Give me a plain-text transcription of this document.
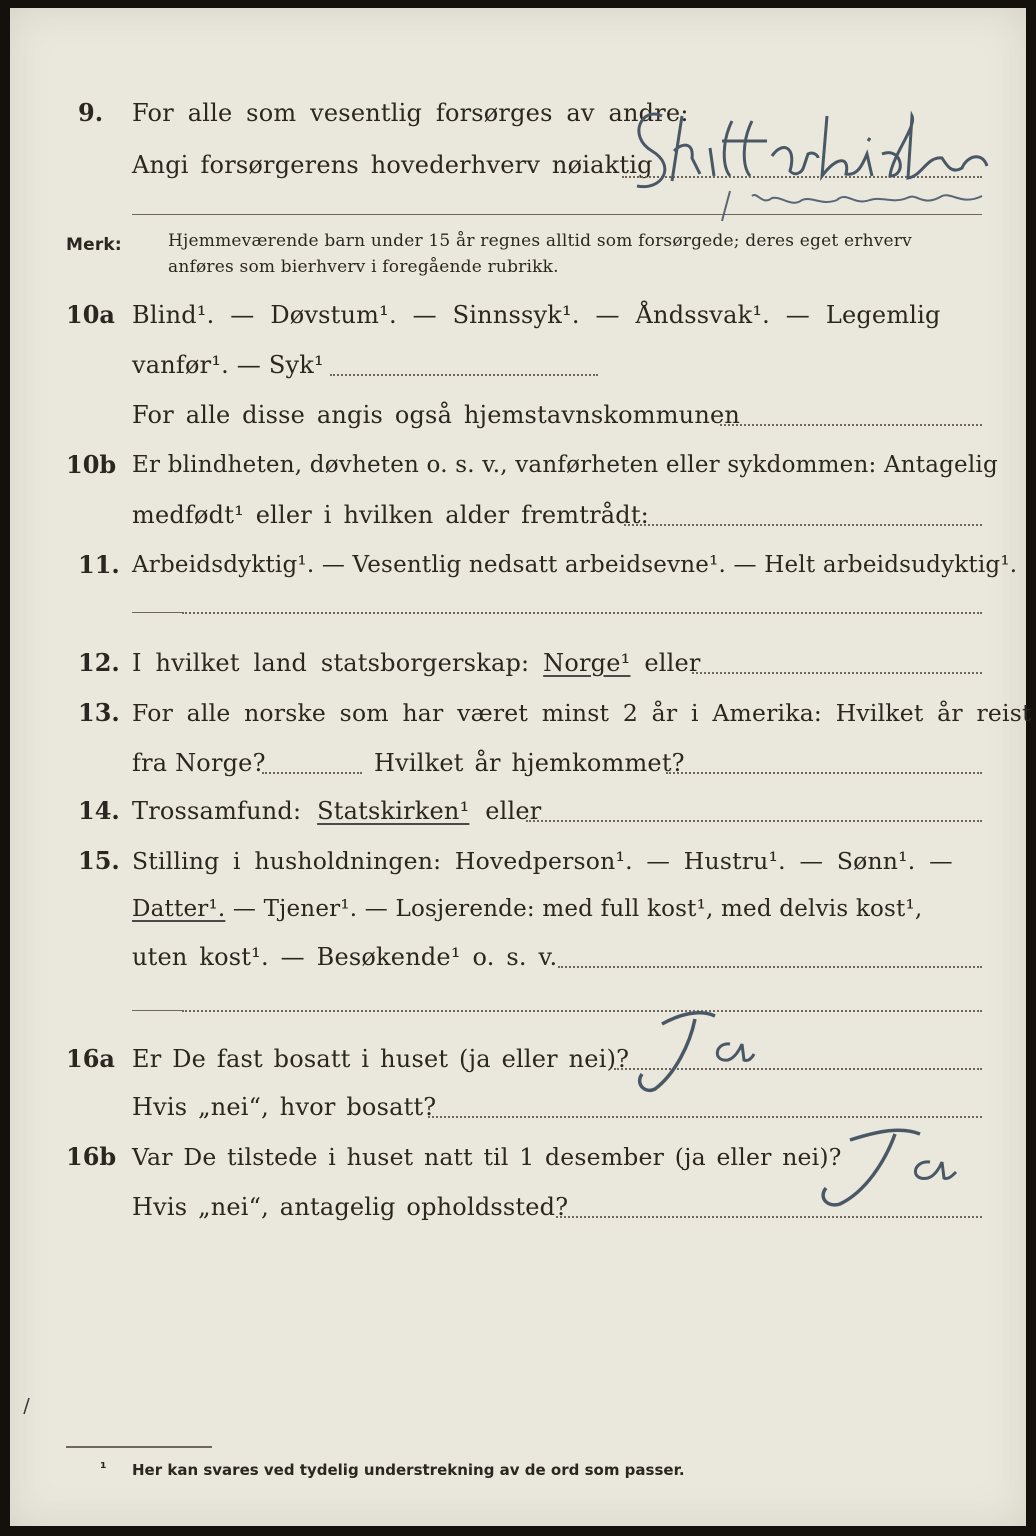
9. For alle som vesentlig forsørges av andre:
Angi forsørgerens hovederhverv nøiaktig
Merk:	Hjemmeværende barn under 15 år regnes alltid som forsørgede; deres eget erhverv
anføres som bierhverv i foregående rubrikk.
10a Blind¹. — Døvstum¹. — Sinnssyk¹. — Åndssvak¹. — Legemlig
vanfør¹. — Syk¹
For alle disse angis også hjemstavnskommunen
10b Er blindheten, døvheten o. s. v., vanførheten eller sykdommen: Antagelig
medfødt¹ eller i hvilken alder fremtrådt:
11. Arbeidsdyktig¹. — Vesentlig nedsatt arbeidsevne¹. — Helt arbeidsudyktig¹.
12. I hvilket land statsborgerskap: Norge¹ eller
13. For alle norske som har været minst 2 år i Amerika: Hvilket år reist
fra Norge?	Hvilket år hjemkommet?
14. Trossamfund: Statskirken¹ eller
15. Stilling i husholdningen: Hovedperson¹. — Hustru¹. — Sønn¹. —
Datter¹. — Tjener¹. — Losjerende: med full kost¹, med delvis kost¹,
uten kost¹. — Besøkende¹ o. s. v.
16a Er De fast bosatt i huset (ja eller nei)?
Hvis „nei“, hvor bosatt?
16b Var De tilstede i huset natt til 1 desember (ja eller nei)?
Hvis „nei“, antagelig opholdssted?
¹ Her kan svares ved tydelig understrekning av de ord som passer.
